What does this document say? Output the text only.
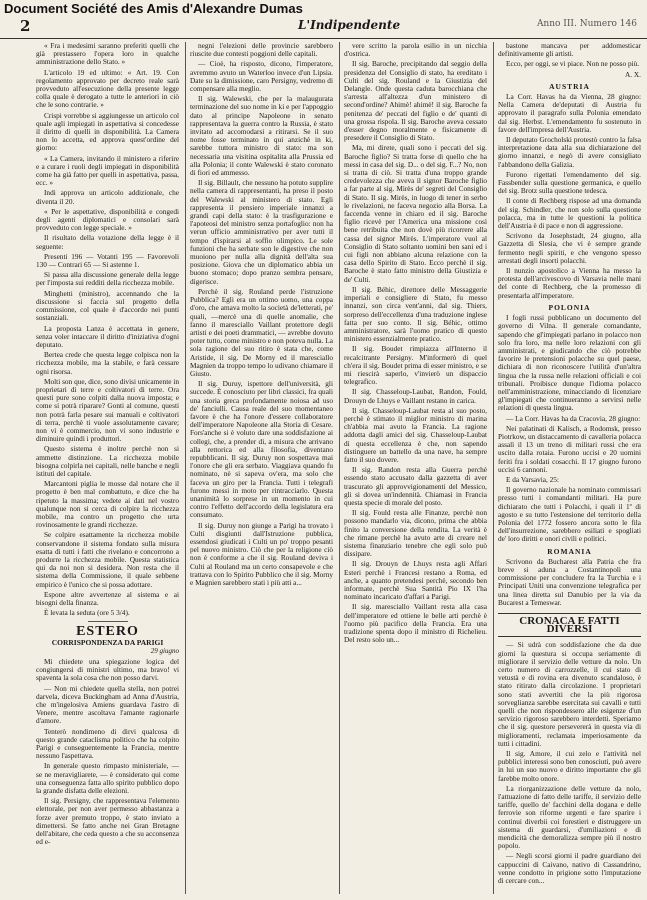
Document Société des Amis d'Alexandre Dumas
2	L'Indipendente	Anno III. Numero 146

« Fra i medesimi saranno preferiti quelli che già prestassero l'opera loro in qualche amministrazione dello Stato. »

L'articolo 19 ed ultimo: « Art. 19. Con regolamento approvato per decreto reale sarà provveduto all'esecuzione della presente legge colla quale è derogato a tutte le anteriori in ciò che le sono contrarie. »

Crispi vorrebbe si aggiungesse un articolo col quale agli impiegati in aspettativa si concedesse il diritto di quelli in disponibilità. La Camera non lo accetta, ed approva quest'ordine del giorno:

« La Camera, invitando il ministero a riferire e a curare i ruoli degli impiegati in disponibilità come ha già fatto per quelli in aspettativa, passa, ecc. »

Indi approva un articolo addizionale, che diventa il 20.

« Per le aspettative, disponibilità e congedi degli agenti diplomatici e consolari sarà provveduto con legge speciale. »

Il risultato della votazione della legge è il seguente:

Presenti 196 — Votanti 195 — Favorevoli 130 — Contrari 65 — Si astenne 1.

Si passa alla discussione generale della legge per l'imposta sui redditi della ricchezza mobile.

Minghetti (ministro), accennando che la discussione si faccia sul progetto della commissione, col quale è d'accordo nei punti sostanziali.

La proposta Lanza è accettata in genere, senza voler intaccare il diritto d'iniziativa d'ogni deputato.

Bertea crede che questa legge colpisca non la ricchezza mobile, ma la stabile, e farà cessare ogni risorsa.

Molti son que, dice, sono divisi unicamente in proprietari di terre e coltivatori di terre. Ora questi pure sono colpiti dalla nuova imposta; e come si potrà riparare? Gonti al comune, questi non potrà farla pesare sui manuali e coltivatori di terra, perchè ti vuole assolutamente cavare; non vi è commercio, non vi sono industrie e diminuire quindi i produttori.

Questo sistema è inoltre perchè non si ammette distinzione. La ricchezza mobile bisogna colpirla nei capitali, nelle banche e negli istituti del capitale.

Marcantoni piglia le mosse dal notare che il progetto è ben mal combattuto, e dice che ha ripetuto la massima; vedete ai dati nel vostro qualunque non si cerca di colpire la ricchezza mobile, ma contro un progetto che urta rovinosamente le grandi ricchezze.

Se colpire esattamente la ricchezza mobile conservandone il sistema fondato sulla misura esatta di tutti i fatti che rivelano e concorrono a produrre la ricchezza mobile. Questa statistica qui da noi non si desidera. Non resta che il sistema della Commissione, il quale sebbene empirico è l'unico che si possa adottare.

Espone altre avvertenze al sistema e ai bisogni della finanza.

È levata la seduta (ore 5 3/4).

ESTERO
CORRISPONDENZA DA PARIGI
29 giugno

Mi chiedete una spiegazione logica del congiungersi di ministri ultimo, ma bravo! vi spaventa la sola cosa che non posso darvi.

— Non mi chiedete quella stella, non potrei darvela, diceva Buckingham ad Anna d'Austria, che m'ingelosiva Amiens guardava l'astro di Venere, mentre ascoltava l'amante ragionarle d'amore.

Tenterò nondimeno di dirvi qualcosa di questo grande cataclisma politico che ha colpito Parigi e conseguentemente la Francia, mentre nessuno l'aspettava.

In generale questo rimpasto ministeriale, — se ne meravigliarete, — è considerato qui come una conseguenza fatta allo spirito pubblico dopo la grande disfatta delle elezioni.

Il sig. Persigny, che rappresentava l'elemento elettorale, per non aver permesso abbastanza a forze aver premuto troppo, è stato inviato a dimettersi. Se fatto anche nei Gran Bretagne dell'abitare, che ceda questo a che su acconsenza ed e-

negni l'elezioni delle provincie sarebbero riuscite due contesti poggioni delle capitali.

— Cioè, ha risposto, dicono, l'imperatore, avremmo avuto un Waterloo invece d'un Lipsia. Date su la dimissione, caro Persigny, vedremo di compensare alla meglio.

Il sig. Walewski, che per la malaugurata terminazione del suo nome in ki e per l'appoggio dato al principe Napoleone in senato rappresentava la guerra contro la Russia, è stato invitato ad accomodarsi a ritirarsi. Se il suo nome fosse terminato in qui anzichè in ki, sarebbe tuttora ministro di stato: ma son necessaria una visitina ospitalita alla Prussia ed alla Polonia; il conte Walewski è stato coronato di fiori ed ammesso.

Il sig. Billault, che nessuno ha potuto supplire nella camera di rappresentanti, ha preso il posto del Walewski al ministero di stato. Egli rappresenta il pensiero imperiale innanzi a grandi capi della stato: è la trasfigurazione e l'apoteosi del ministro senza portafoglio: non ha verun ufficio amministrativo per aver tutti il tempo d'ispirarsi al soffio olimpico. Le sole funzioni che ha serbate son le digestive che non muoiono per nulla alla dignità dell'alta sua posizione. Giova che un diplomatico abbia un buono stomaco; dopo pranzo sembra pensare, digerisce.

Perchè il sig. Rouland perde l'istruzione Pubblica? Egli era un ottimo uomo, una coppa d'oro, che amava molto la società de'letterati, pe' quali, —mercè una di quelle anomalie, che fanno il maresciallo Vaillant protettore degli artisti e dei poeti drammatici, — avrebbe dovuto poter tutto, come ministro e non poteva nulla. La sola ragione del suo ritiro è stata che, come Aristide, il sig. De Morny ed il maresciallo Magnien da troppo tempo lo udivano chiamare il Giusto.

Il sig. Duruy, ispettore dell'università, gli succede. È conosciuto per libri classici, fra quali una storia greca profondamente noiosa ad uso de' fanciulli. Causa reale del suo momentaneo favore è che ha l'onore d'essere collaboratore dell'imperatore Napoleone alla Storia di Cesare. Fors'anche si è voluto dare una soddisfazione ai collegi, che, a prender di, a misura che arrivano alla rettorica ed alla filosofia, diventano repubblicani. Il sig. Duruy non sospettava mai l'onore che gli era serbato. Viaggiava quando fu nominato, nè si sapeva ov'era, ma solo che faceva un giro per la Francia. Tutti i telegrafi furono messi in moto per rintracciarlo. Questa unanimità lo sorprese in un momento in cui contro l'effetto dell'accordo della legislatura era consumato.

Il sig. Duruy non giunge a Parigi ha trovato i Culti disgiunti dall'Istruzione pubblica, essendosi giudicati i Culti un po' troppo pesanti pel nuovo ministro. Ciò che per la religione ciò non è conforme a che il sig. Rouland deviva i Culti al Rouland ma un certo consapevole e che trattava con lo Spirito Pubblico che il sig. Morny e Magnien sarebbero stati i più atti a...

vere scritto la parola esilio in un nicchia d'ostrica.

Il sig. Baroche, precipitando dal seggio della presidenza del Consiglio di stato, ha ereditato i Culti del sig. Rouland e la Giustizia del Delangle. Onde questa caduta barocchiana che s'arresta all'altezza d'un ministero di second'ordine? Ahimè! ahimè! il sig. Baroche fa penitenza de' peccati del figlio e de' quanti di una grossa rispola. Il sig. Baroche aveva cessato d'esser degno moralmente e fisicamente di presedere il Consiglio di Stato.

Ma, mi direte, quali sono i peccati del sig. Baroche figlio? Si tratta forse di quello che ha messi in casa del sig. D... o del sig. F...? No, non si tratta di ciò. Si tratta d'una troppo grande credevolezza che aveva il signor Baroche figlio a far parte al sig. Mirès de' segreti del Consiglio di Stato. Il sig. Mirès, in luogo di tener in serbo le rivelazioni, ne faceva negozio alla Borsa. La faccenda venne in chiaro ed il sig. Baroche figlio ricevè per l'America una missione così bene retribuita che non dovè più ricorrere alla cassa del signor Mirès. L'imperatore vuol al Consiglio di Stato soltanto uomini ben sani ed i cui figli non abbiano alcuna relazione con la casa dello Spirito di Stato. Ecco perchè il sig. Baroche è stato fatto ministro della Giustizia e de' Culti.

Il sig. Béhic, direttore delle Messaggerie imperiali e consigliere di Stato, fu messo innanzi, son circa vent'anni, dal sig. Thiers, sorpreso dell'eccellenza d'una traduzione inglese fatta per suo conto. Il sig. Béhic, ottimo amministratore, sarà l'uomo pratico di questo ministero essenzialmente pratico.

Il sig. Boudet rimpiazza all'Interno il recalcitrante Persigny. M'informerò di quel ch'era il sig. Boudet prima di esser ministro, e se mi riescirà saperlo, v'invierò un dispaccio telegrafico.

Il sig. Chasseloup-Laubat, Randon, Fould, Drouyn de Lhuys e Vaillant restano in carica.

Il sig. Chasseloup-Laubat resta al suo posto, perchè è stimato il miglior ministro di marina ch'abbia mai avuto la Francia. La ragione addotta dagli amici del sig. Chasseloup-Laubat di questa eccellenza è che, non sapendo distinguere un battello da una nave, ha sempre fatto il suo dovere.

Il sig. Randon resta alla Guerra perchè essendo stato accusato dalla gazzetta di aver trascurato gli approvvigionamenti del Messico, gli si dovea un'indennità. Chiamasi in Francia questa specie di morale del posto.

Il sig. Fould resta alle Finanze, perchè non possono mandarlo via, dicono, prima che abbia finito la conversione della rendita. La verità è che rimane perchè ha avuto arte di creare nel sistema finanziario tenebre che egli solo può dissipare.

Il sig. Drouyn de Lhuys resta agli Affari Esteri perchè i Francesi restano a Roma, ed anche, a quanto pretendesi perchè, secondo ben informate, perchè Sua Santità Pio IX l'ha nominato incaricato d'affari a Parigi.

Il sig. maresciallo Vaillant resta alla casa dell'imperatore ed ottiene le belle arti perchè è l'uomo più pacifico della Francia. Era una tradizione spenta dopo il ministro di Richelieu. Del resto solo un...

bastone mancava per addomesticar definitivamente gli artisti.

Ecco, per oggi, se vi piace. Non ne posso più.

A. X.
AUSTRIA

La Corr. Havas ha da Vienna, 28 giugno: Nella Camera de'deputati di Austria fu approvato il paragrafo sulla Polonia emendato dal sig. Herbst. L'emendamento fu sostenuto in favore dell'impresa dell'Austria.

Il deputato Grocholski protestò contro la falsa interpretazione data alla sua dichiarazione del giorno innanzi, e negò di avere consigliato l'abbandono della Galizia.

Furono rigettati l'emendamento del sig. Fassbender sulla questione germanica, e quello del sig. Brotz sulla questione tedesca.

Il conte di Rechberg rispose ad una domanda del sig. Schindler, che non solo sulla questione polacca, ma in tutte le questioni la politica dell'Austria è di pace e non di aggressione.

Scrivono da Josephstadt, 24 giugno, alla Gazzetta di Slesia, che vi è sempre grande fermento negli spiriti, e che vengono spesso arrestati degli insorti polacchi.

Il nunzio apostolico a Vienna ha messo la protesta dell'arcivescovo di Varsavia nelle mani del conte di Rechberg, che la promesso di presentarla all'imperatore.

POLONIA

I fogli russi pubblicano un documento del governo di Vilna. Il generale comandante, sapendo che gl'impiegati parlano in polacco non solo fra loro, ma nelle loro relazioni con gli amministrati, e giudicando che ciò potrebbe favorire le pretensioni polacche su quel paese, dichiara di non riconoscere l'utilità d'un'altra lingua che la russa nelle relazioni officiali e coi tribunali. Proibisce dunque l'idioma polacco nell'amministrazione, minacciando di licenziare gl'impiegati che continueranno a servirsi nelle relazioni di questa lingua.

— La Corr. Havas ha da Cracovia, 28 giugno:

Nei palatinati di Kalisch, a Rodomsk, presso Piotrkow, un distaccamento di cavalleria polacca assalì il 13 un treno di militari russi che era uscito dalla rotaia. Furono uccisi e 20 uomini feriti fra i soldati cosacchi. Il 17 giugno furono uccisi 6 cannoni.

E da Varsavia, 25:

Il governo nazionale ha nominato commissari presso tutti i comandanti militari. Ha pure dichiarato che tutti i Polacchi, i quali il 1º di agosto e su tutto l'estensione del territorio della Polonia del 1772 fossero ancora sotto le fila dell'insurrezione, sarebbero esiliati e spogliati de' loro diritti e onori civili e politici.

ROMANIA

Scrivono da Bucharest alla Patria che fra breve si aduna a Costantinopoli una commissione per concludere fra la Turchia e i Principati Uniti una convenzione telegrafica per una linea diretta sul Danubio per la via da Bucarest a Temeswar.

CRONACA E FATTI DIVERSI

— Si udrà con soddisfazione che da due giorni la questura si occupa seriamente di migliorare il servizio delle vetture da nolo. Un certo numero di carrozzelle, il cui stato di vetustà e di rovina era divenuto scandaloso, è stato ritirato dalla circolazione. I proprietari sono stati avvertiti che la più rigorosa sorveglianza sarebbe esercitata sui cavalli e tutti quelli che non rispondessero alle esigenze d'un servizio rigoroso sarebbero interdetti. Speriamo che il sig. questore persevererà in questa via di miglioramenti, reclamata imperiosamente da tutti i cittadini.

Il sig. Amore, il cui zelo e l'attività nel pubblici interessi sono ben conosciuti, può avere in lui un suo nuovo e diritto importante che gli farebbe molto onore.

La riorganizzazione delle vetture da nolo, l'attuazione di fatto delle tariffe, il servizio delle tariffe, quello de' facchini della dogana e delle ferrovie son riforme urgenti e fare sparire i continui diverbii coi forestieri e distruggere un sistema di guardarsi, d'umiliazioni e di mendicità che demoralizza sempre più il nostro popolo.

— Negli scorsi giorni il padre guardiano dei cappuccini di Caivano, nativo di Cassandrino, venne condotto in prigione sotto l'imputazione di cercare con...
